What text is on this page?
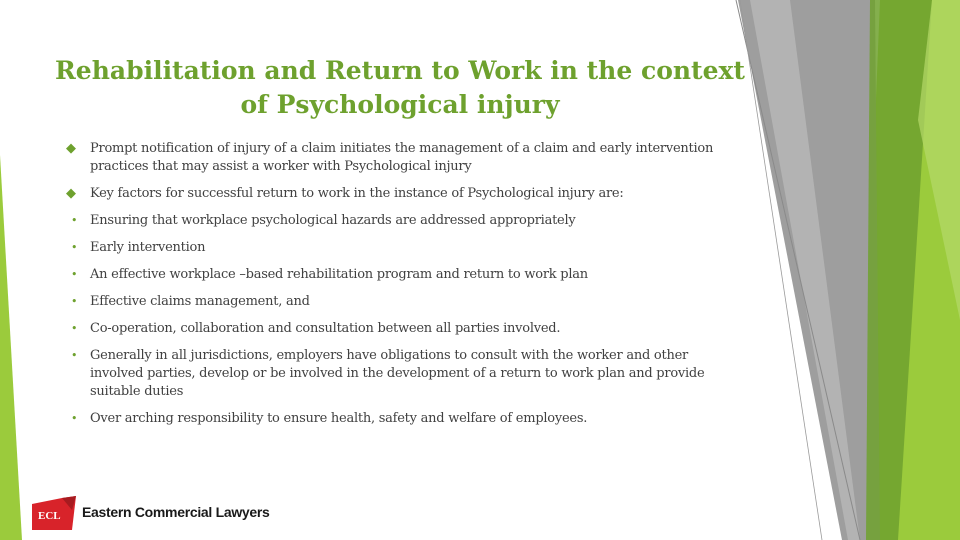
Rehabilitation and Return to Work in the context of Psychological injury
◆	Prompt notification of injury of a claim initiates the management of a claim and early intervention practices that may assist a worker with Psychological injury
◆	Key factors for successful return to work in the instance of Psychological injury are:
• Ensuring that workplace psychological hazards are addressed appropriately
• Early intervention
• An effective workplace –based rehabilitation program and return to work plan
• Effective claims management, and
• Co-operation, collaboration and consultation between all parties involved.
• Generally in all jurisdictions, employers have obligations to consult with the worker and other involved parties, develop or be involved in the development of a return to work plan and provide suitable duties
• Over arching responsibility to ensure health, safety and welfare of employees.
ECL Eastern Commercial Lawyers
